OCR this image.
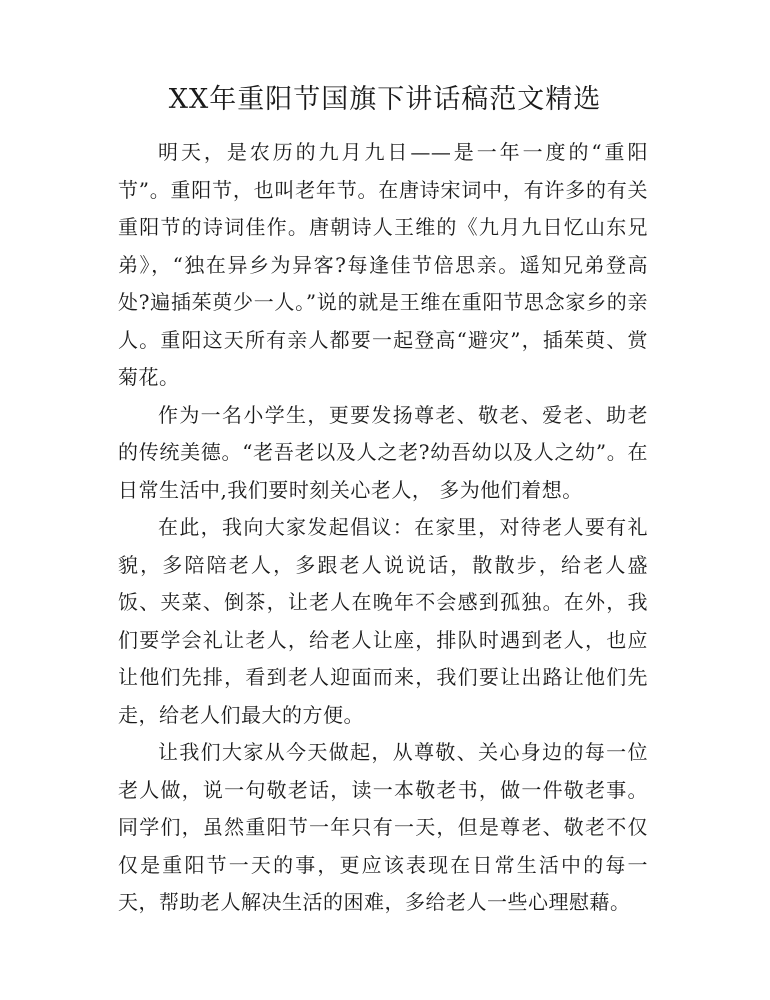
XX年重阳节国旗下讲话稿范文精选

明天，是农历的九月九日——是一年一度的“重阳节”。重阳节，也叫老年节。在唐诗宋词中，有许多的有关重阳节的诗词佳作。唐朝诗人王维的《九月九日忆山东兄弟》，“独在异乡为异客?每逢佳节倍思亲。遥知兄弟登高处?遍插茱萸少一人。”说的就是王维在重阳节思念家乡的亲人。重阳这天所有亲人都要一起登高“避灾”，插茱萸、赏菊花。

作为一名小学生，更要发扬尊老、敬老、爱老、助老的传统美德。“老吾老以及人之老?幼吾幼以及人之幼”。在日常生活中,我们要时刻关心老人， 多为他们着想。

在此，我向大家发起倡议：在家里，对待老人要有礼貌，多陪陪老人，多跟老人说说话，散散步，给老人盛饭、夹菜、倒茶，让老人在晚年不会感到孤独。在外，我们要学会礼让老人，给老人让座，排队时遇到老人，也应让他们先排，看到老人迎面而来，我们要让出路让他们先走，给老人们最大的方便。

让我们大家从今天做起，从尊敬、关心身边的每一位老人做，说一句敬老话，读一本敬老书，做一件敬老事。同学们，虽然重阳节一年只有一天，但是尊老、敬老不仅仅是重阳节一天的事，更应该表现在日常生活中的每一天，帮助老人解决生活的困难，多给老人一些心理慰藉。
